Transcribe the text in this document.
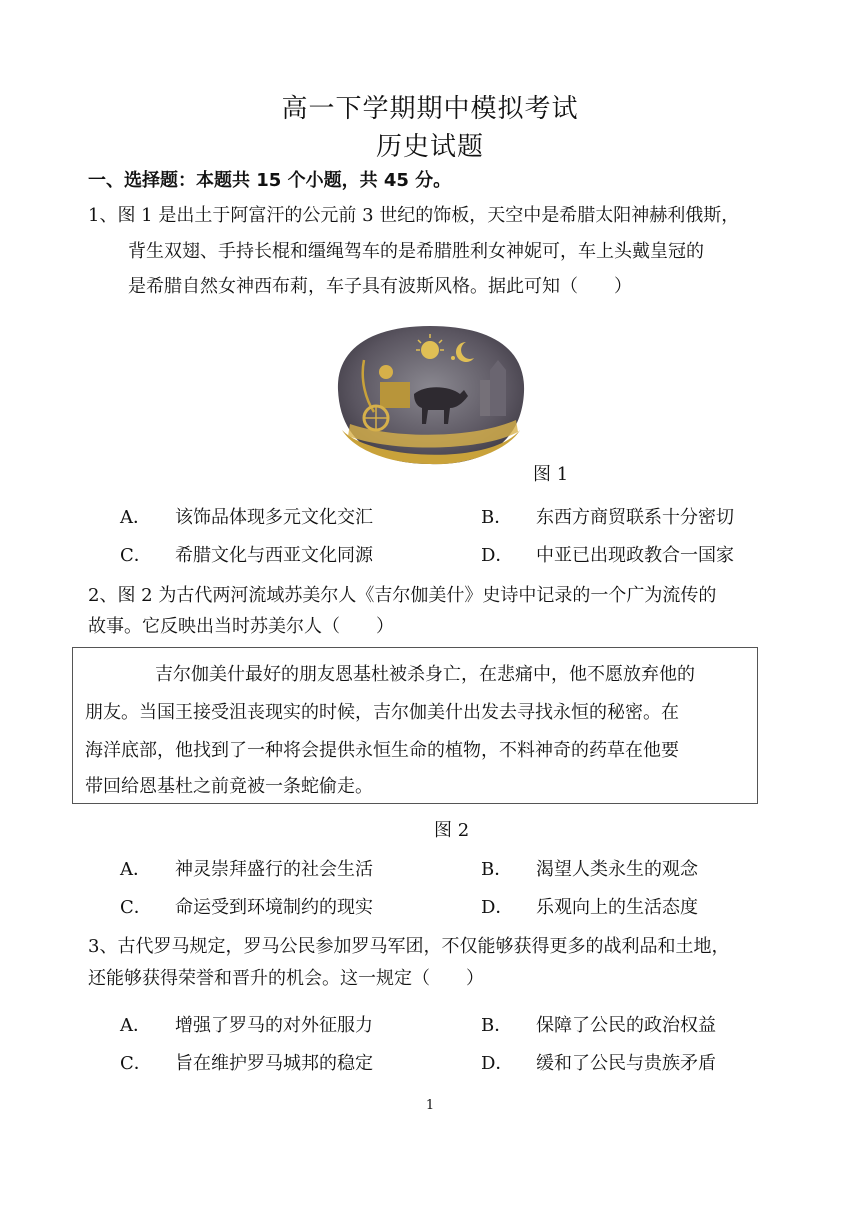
高一下学期期中模拟考试
历史试题
一、选择题：本题共 15 个小题，共 45 分。
1、图 1 是出土于阿富汗的公元前 3 世纪的饰板，天空中是希腊太阳神赫利俄斯，
背生双翅、手持长棍和缰绳驾车的是希腊胜利女神妮可，车上头戴皇冠的
是希腊自然女神西布莉，车子具有波斯风格。据此可知（　　）
图 1
A． 该饰品体现多元文化交汇	B． 东西方商贸联系十分密切
C． 希腊文化与西亚文化同源	D． 中亚已出现政教合一国家
2、图 2 为古代两河流域苏美尔人《吉尔伽美什》史诗中记录的一个广为流传的
故事。它反映出当时苏美尔人（　　）
吉尔伽美什最好的朋友恩基杜被杀身亡，在悲痛中，他不愿放弃他的
朋友。当国王接受沮丧现实的时候，吉尔伽美什出发去寻找永恒的秘密。在
海洋底部，他找到了一种将会提供永恒生命的植物，不料神奇的药草在他要
带回给恩基杜之前竟被一条蛇偷走。
图 2
A． 神灵崇拜盛行的社会生活	B． 渴望人类永生的观念
C． 命运受到环境制约的现实	D． 乐观向上的生活态度
3、古代罗马规定，罗马公民参加罗马军团，不仅能够获得更多的战利品和土地，
还能够获得荣誉和晋升的机会。这一规定（　　）
A． 增强了罗马的对外征服力	B． 保障了公民的政治权益
C． 旨在维护罗马城邦的稳定	D． 缓和了公民与贵族矛盾
1
